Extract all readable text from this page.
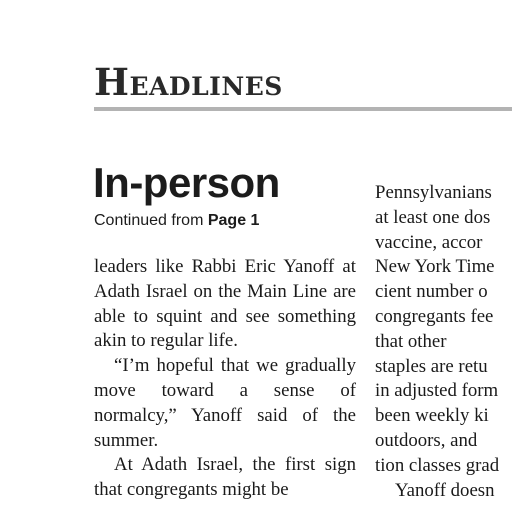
HEADLINES
In-person
Continued from Page 1

leaders like Rabbi Eric Yanoff at Adath Israel on the Main Line are able to squint and see something akin to regular life.

“I’m hopeful that we gradually move toward a sense of normalcy,” Yanoff said of the summer.

At Adath Israel, the first sign that congregants might be

Pennsylvanians
at least one dos
vaccine, accor
New York Time
cient number o
congregants fee
that other
staples are retu
in adjusted form
been weekly ki
outdoors, and
tion classes grad
Yanoff doesn
